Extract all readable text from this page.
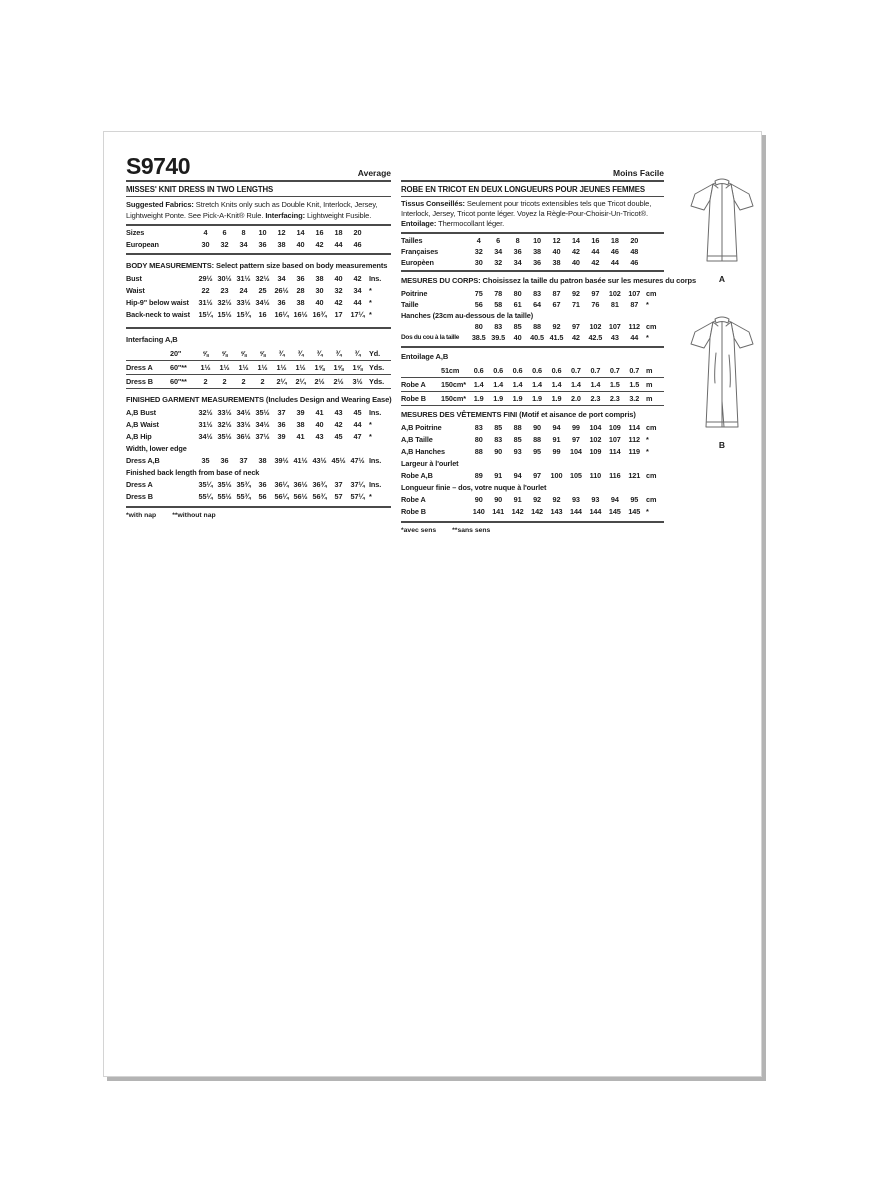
S9740	Average
MISSES' KNIT DRESS IN TWO LENGTHS

Suggested Fabrics: Stretch Knits only such as Double Knit, Interlock, Jersey, Lightweight Ponte. See Pick-A-Knit® Rule. Interfacing: Lightweight Fusible.

Sizes	4	6	8	10	12	14	16	18	20
European	30	32	34	36	38	40	42	44	46
BODY MEASUREMENTS: Select pattern size based on body measurements
Bust	29½ 30½ 31½ 32½	34	36	38	40	42	Ins.
Waist	22	23	24	25	26½	28	30	32	34	*
Hip-9" below waist	31½ 32½ 33½ 34½	36	38	40	42	44	*
Back-neck to waist	15¼ 15½ 15¾	16	16¼ 16½ 16¾	17	17¼ *
Interfacing A,B
20"	⅝	⅝	⅝	⅝	¾	¾	¾	¾	¾	Yd.
Dress A	60"**	1½	1½	1½	1½	1½	1½	1⅝	1⅝	1⅝ Yds.
Dress B	60"**	2	2	2	2	2¼	2¼	2½	2½	3½ Yds.
FINISHED GARMENT MEASUREMENTS (Includes Design and Wearing Ease)
A,B Bust	32½ 33½ 34½ 35½	37	39	41	43	45	Ins.
A,B Waist	31½ 32½ 33½ 34½	36	38	40	42	44	*
A,B Hip	34½ 35½ 36½ 37½	39	41	43	45	47	*
Width, lower edge
Dress A,B	35	36	37	38	39½ 41½ 43½ 45½ 47½ Ins.
Finished back length from base of neck
Dress A	35¼ 35½ 35¾	36	36¼ 36½ 36¾	37	37¼ Ins.
Dress B	55¼ 55½ 55¾	56	56¼ 56½ 56¾	57	57¼ *
*with nap **without nap
Moins Facile
ROBE EN TRICOT EN DEUX LONGUEURS POUR JEUNES FEMMES

Tissus Conseillés: Seulement pour tricots extensibles tels que Tricot double, Interlock, Jersey, Tricot ponte léger. Voyez la Règle-Pour-Choisir-Un-Tricot®. Entoilage: Thermocollant léger.

Tailles	4	6	8	10	12	14	16	18	20
Françaises	32	34	36	38	40	42	44	46	48
Europèen	30	32	34	36	38	40	42	44	46
MESURES DU CORPS: Choisissez la taille du patron basée sur les mesures du corps
Poitrine	75	78	80	83	87	92	97	102	107 cm
Taille	56	58	61	64	67	71	76	81	87	*
Hanches (23cm au-dessous de la taille)
80	83	85	88	92	97	102	107	112 cm
Dos du cou à la taille	38.5 39.5	40	40.5 41.5	42	42.5	43	44	*
Entoilage A,B
51cm	0.6	0.6	0.6	0.6	0.6	0.7	0.7	0.7	0.7 m
Robe A	150cm*	1.4	1.4	1.4	1.4	1.4	1.4	1.4	1.5	1.5 m
Robe B	150cm*	1.9	1.9	1.9	1.9	1.9	2.0	2.3	2.3	3.2 m
MESURES DES VÊTEMENTS FINI (Motif et aisance de port compris)
A,B Poitrine	83	85	88	90	94	99	104	109	114 cm
A,B Taille	80	83	85	88	91	97	102	107	112 *
A,B Hanches	88	90	93	95	99	104	109	114	119 *
Largeur à l'ourlet
Robe A,B	89	91	94	97	100	105	110	116	121 cm
Longueur finie – dos, votre nuque à l'ourlet
Robe A	90	90	91	92	92	93	93	94	95	cm
Robe B	140	141	142	142	143	144	144	145	145 *
*avec sens **sans sens
A
B
